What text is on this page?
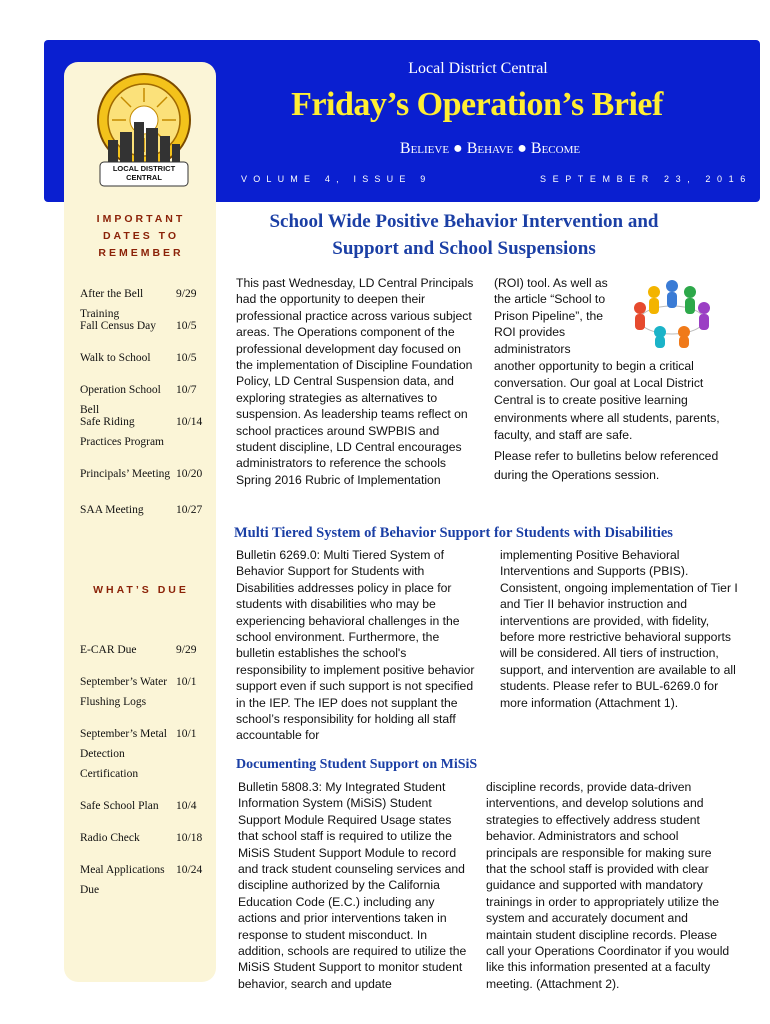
LOCAL DISTRICT CENTRAL
Local District Central
Friday’s Operation’s Brief
Believe ● Behave ● Become
VOLUME 4, ISSUE 9	SEPTEMBER 23, 2016
IMPORTANT DATES TO REMEMBER
After the Bell Training
9/29
Fall Census Day	10/5
Walk to School	10/5
Operation School Bell
10/7
Safe Riding Practices Program
10/14
Principals’ Meeting 10/20
SAA Meeting	10/27
WHAT’S DUE
E-CAR Due	9/29
September’s Water Flushing Logs
10/1
September’s Metal Detection Certification
10/1
Safe School Plan	10/4
Radio Check	10/18
Meal Applications Due
10/24
School Wide Positive Behavior Intervention and Support and School Suspensions

This past Wednesday, LD Central Principals had the opportunity to deepen their professional practice across various subject areas. The Operations component of the professional development day focused on the implementation of Discipline Foundation Policy, LD Central Suspension data, and exploring strategies as alternatives to suspension. As leadership teams reflect on school practices around SWPBIS and student discipline, LD Central encourages administrators to reference the schools Spring 2016 Rubric of Implementation

(ROI) tool. As well as the article “School to Prison Pipeline”, the ROI provides administrators

another opportunity to begin a critical conversation. Our goal at Local District Central is to create positive learning environments where all students, parents, faculty, and staff are safe.

Please refer to bulletins below referenced during the Operations session.

Multi Tiered System of Behavior Support for Students with Disabilities

Bulletin 6269.0: Multi Tiered System of Behavior Support for Students with Disabilities addresses policy in place for students with disabilities who may be experiencing behavioral challenges in the school environment. Furthermore, the bulletin establishes the school's responsibility to implement positive behavior support even if such support is not specified in the IEP. The IEP does not supplant the school’s responsibility for holding all staff accountable for

implementing Positive Behavioral Interventions and Supports (PBIS). Consistent, ongoing implementation of Tier I and Tier II behavior instruction and interventions are provided, with fidelity, before more restrictive behavioral supports will be considered. All tiers of instruction, support, and intervention are available to all students. Please refer to BUL-6269.0 for more information (Attachment 1).

Documenting Student Support on MiSiS

Bulletin 5808.3: My Integrated Student Information System (MiSiS) Student Support Module Required Usage states that school staff is required to utilize the MiSiS Student Support Module to record and track student counseling services and discipline authorized by the California Education Code (E.C.) including any actions and prior interventions taken in response to student misconduct. In addition, schools are required to utilize the MiSiS Student Support to monitor student behavior, search and update

discipline records, provide data-driven interventions, and develop solutions and strategies to effectively address student behavior. Administrators and school principals are responsible for making sure that the school staff is provided with clear guidance and supported with mandatory trainings in order to appropriately utilize the system and accurately document and maintain student discipline records. Please call your Operations Coordinator if you would like this information presented at a faculty meeting. (Attachment 2).
